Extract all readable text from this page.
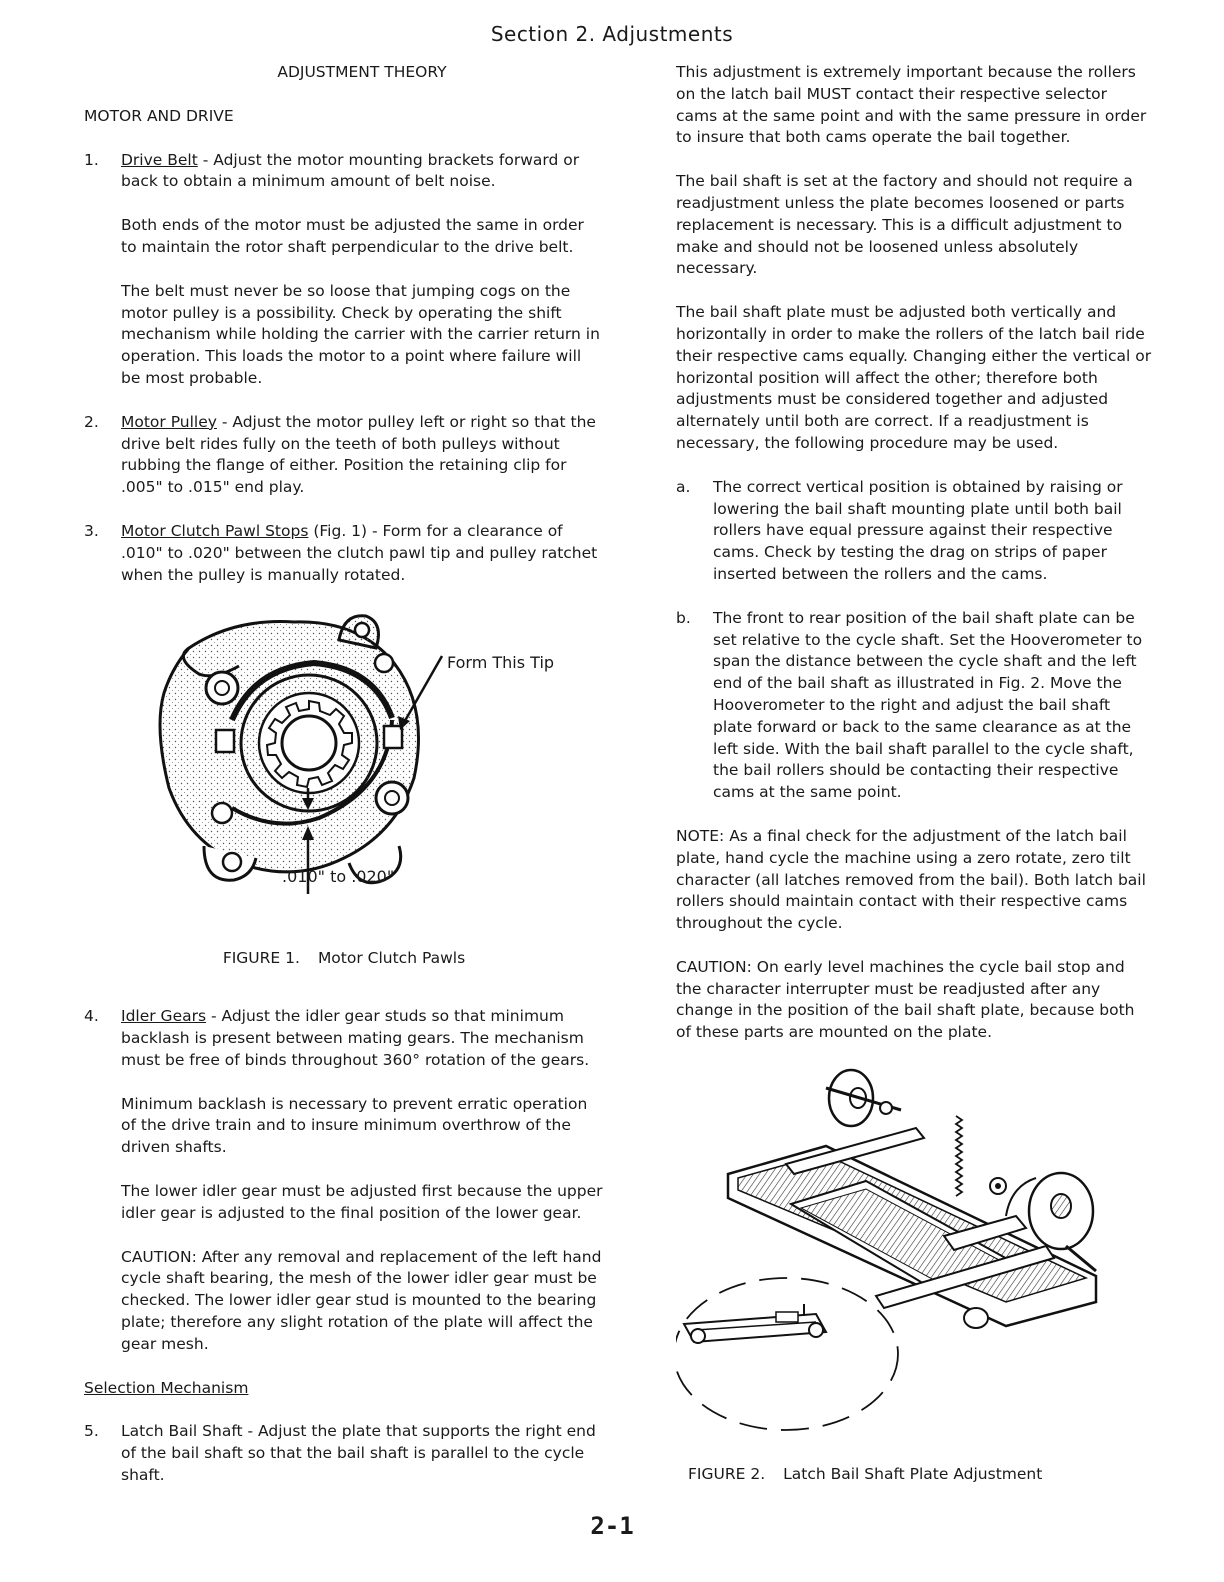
Section 2. Adjustments
ADJUSTMENT THEORY
MOTOR AND DRIVE
1. Drive Belt - Adjust the motor mounting brackets forward or back to obtain a minimum amount of belt noise.

Both ends of the motor must be adjusted the same in order to maintain the rotor shaft perpendicular to the drive belt.

The belt must never be so loose that jumping cogs on the motor pulley is a possibility. Check by operating the shift mechanism while holding the carrier with the carrier return in operation. This loads the motor to a point where failure will be most probable.

2. Motor Pulley - Adjust the motor pulley left or right so that the drive belt rides fully on the teeth of both pulleys without rubbing the flange of either. Position the retaining clip for .005" to .015" end play.
3. Motor Clutch Pawl Stops (Fig. 1) - Form for a clearance of .010" to .020" between the clutch pawl tip and pulley ratchet when the pulley is manually rotated.
Form This Tip
.010" to .020"
FIGURE 1. Motor Clutch Pawls
4. Idler Gears - Adjust the idler gear studs so that minimum backlash is present between mating gears. The mechanism must be free of binds throughout 360° rotation of the gears.

Minimum backlash is necessary to prevent erratic operation of the drive train and to insure minimum overthrow of the driven shafts.

The lower idler gear must be adjusted first because the upper idler gear is adjusted to the final position of the lower gear.

CAUTION: After any removal and replacement of the left hand cycle shaft bearing, the mesh of the lower idler gear must be checked. The lower idler gear stud is mounted to the bearing plate; therefore any slight rotation of the plate will affect the gear mesh.

Selection Mechanism
5. Latch Bail Shaft - Adjust the plate that supports the right end of the bail shaft so that the bail shaft is parallel to the cycle shaft.

This adjustment is extremely important because the rollers on the latch bail MUST contact their respective selector cams at the same point and with the same pressure in order to insure that both cams operate the bail together.

The bail shaft is set at the factory and should not require a readjustment unless the plate becomes loosened or parts replacement is necessary. This is a difficult adjustment to make and should not be loosened unless absolutely necessary.

The bail shaft plate must be adjusted both vertically and horizontally in order to make the rollers of the latch bail ride their respective cams equally. Changing either the vertical or horizontal position will affect the other; therefore both adjustments must be considered together and adjusted alternately until both are correct. If a readjustment is necessary, the following procedure may be used.

a. The correct vertical position is obtained by raising or lowering the bail shaft mounting plate until both bail rollers have equal pressure against their respective cams. Check by testing the drag on strips of paper inserted between the rollers and the cams.
b. The front to rear position of the bail shaft plate can be set relative to the cycle shaft. Set the Hooverometer to span the distance between the cycle shaft and the left end of the bail shaft as illustrated in Fig. 2. Move the Hooverometer to the right and adjust the bail shaft plate forward or back to the same clearance as at the left side. With the bail shaft parallel to the cycle shaft, the bail rollers should be contacting their respective cams at the same point.

NOTE: As a final check for the adjustment of the latch bail plate, hand cycle the machine using a zero rotate, zero tilt character (all latches removed from the bail). Both latch bail rollers should maintain contact with their respective cams throughout the cycle.

CAUTION: On early level machines the cycle bail stop and the character interrupter must be readjusted after any change in the position of the bail shaft plate, because both of these parts are mounted on the plate.

FIGURE 2. Latch Bail Shaft Plate Adjustment
2-1
